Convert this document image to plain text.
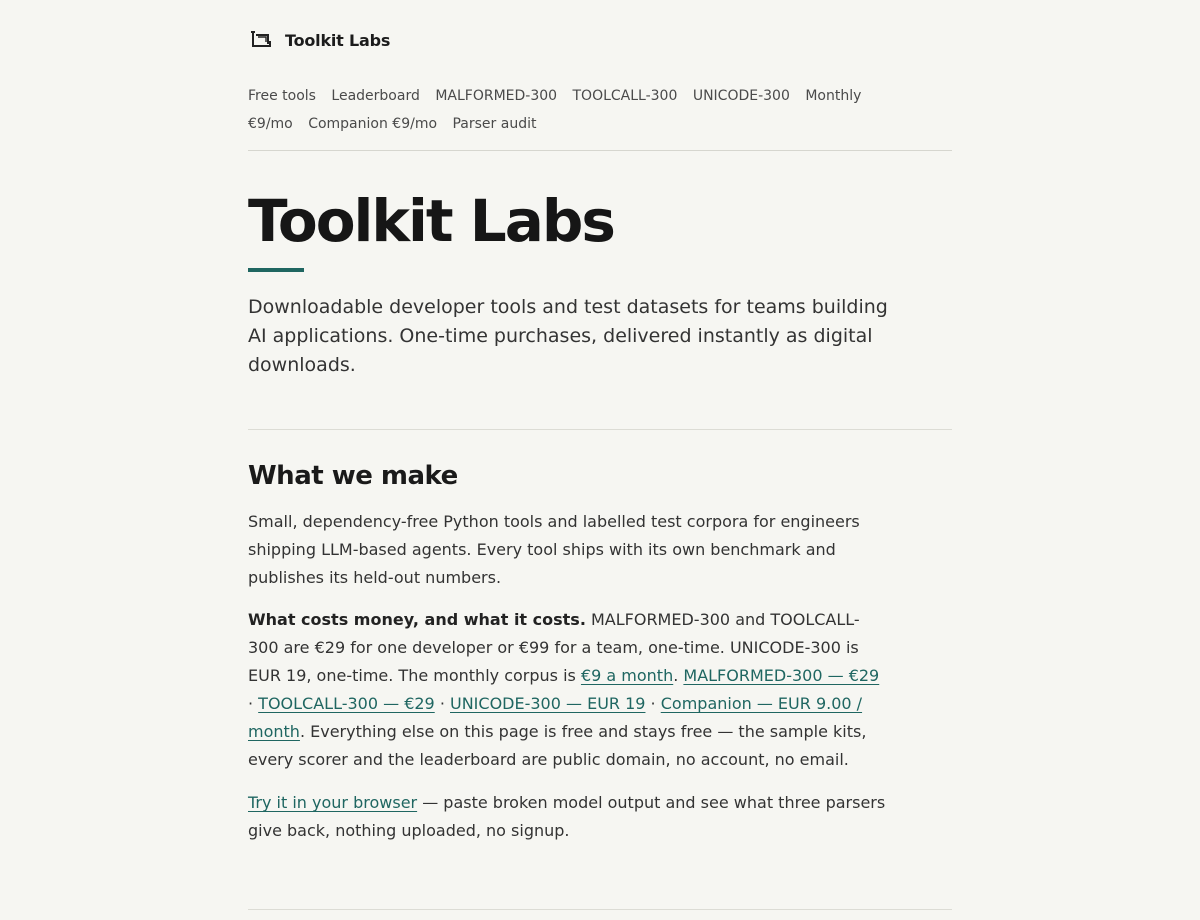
Toolkit Labs
Free tools Leaderboard MALFORMED-300 TOOLCALL-300 UNICODE-300 Monthly €9/mo Companion €9/mo Parser audit
Toolkit Labs

Downloadable developer tools and test datasets for teams building AI applications. One-time purchases, delivered instantly as digital downloads.

What we make

Small, dependency-free Python tools and labelled test corpora for engineers shipping LLM-based agents. Every tool ships with its own benchmark and publishes its held-out numbers.

What costs money, and what it costs. MALFORMED-300 and TOOLCALL-300 are €29 for one developer or €99 for a team, one-time. UNICODE-300 is EUR 19, one-time. The monthly corpus is €9 a month. MALFORMED-300 — €29 · TOOLCALL-300 — €29 · UNICODE-300 — EUR 19 · Companion — EUR 9.00 / month. Everything else on this page is free and stays free — the sample kits, every scorer and the leaderboard are public domain, no account, no email.

Try it in your browser — paste broken model output and see what three parsers give back, nothing uploaded, no signup.
